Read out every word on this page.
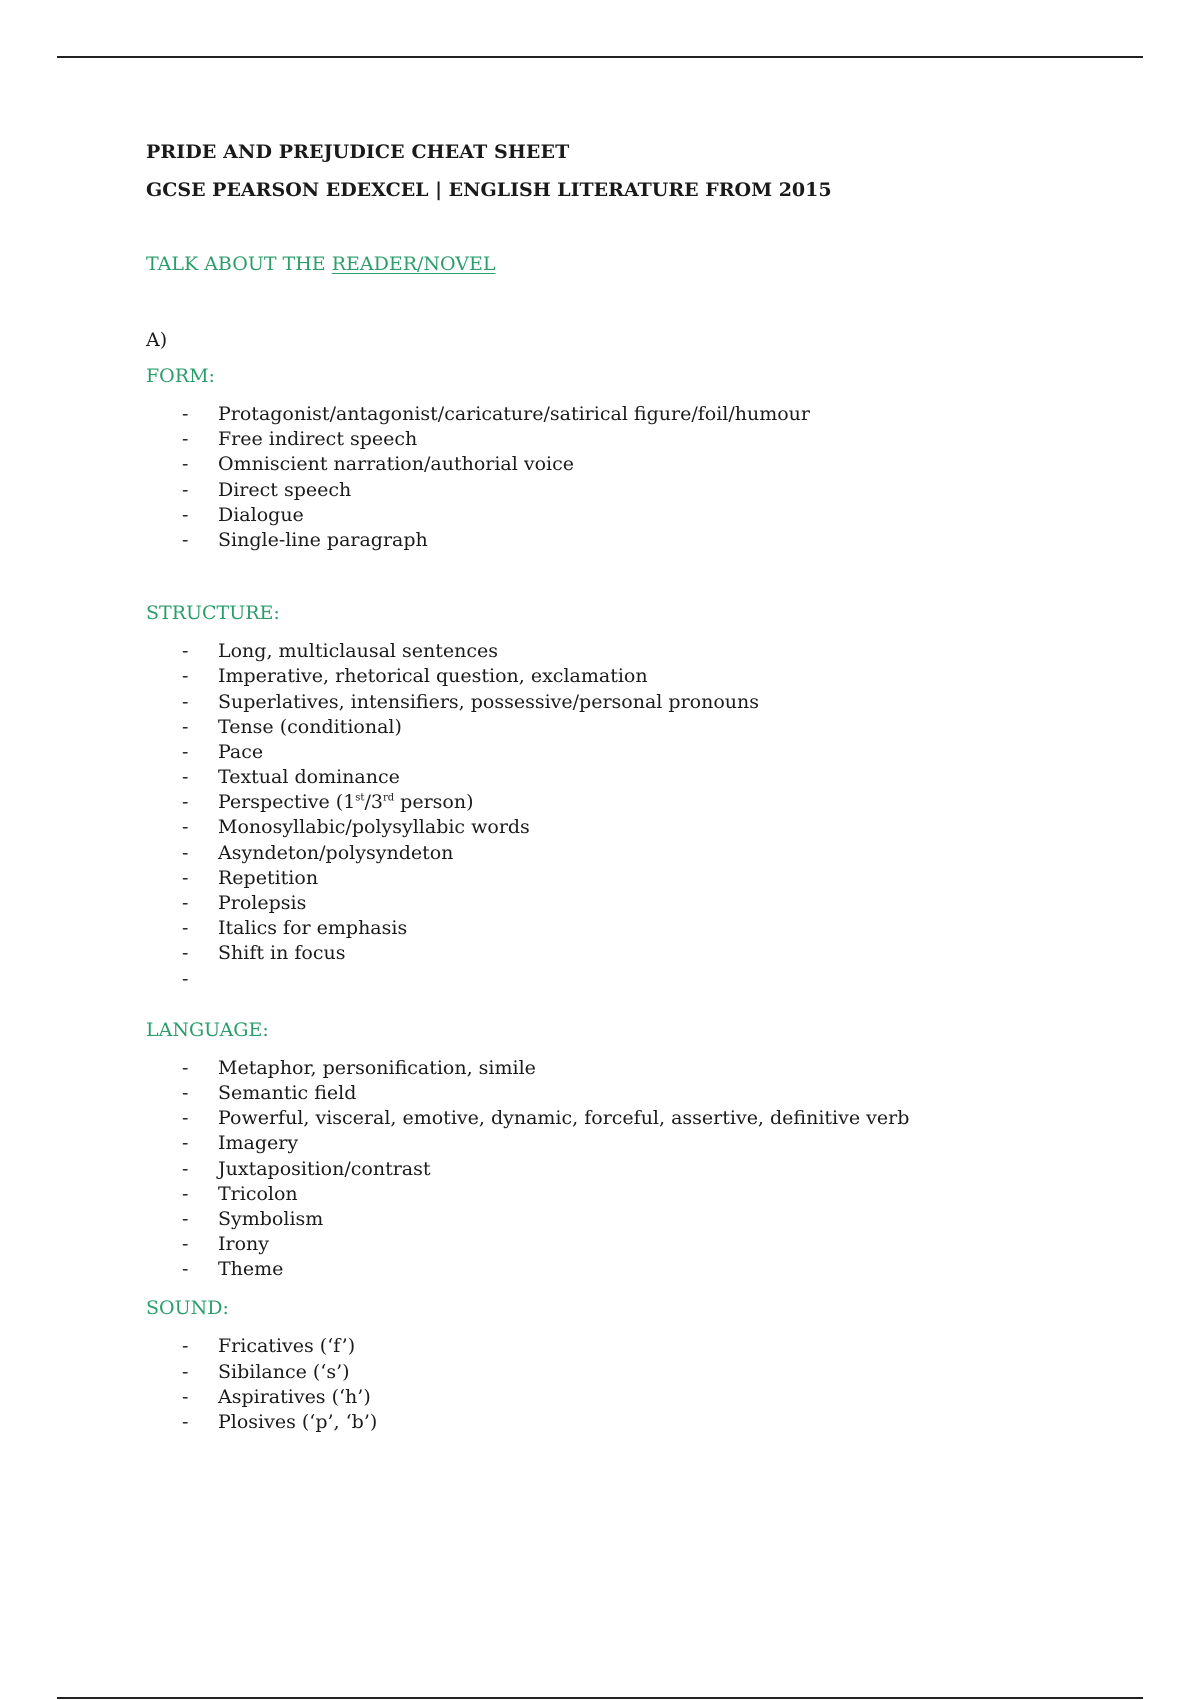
PRIDE AND PREJUDICE CHEAT SHEET

GCSE PEARSON EDEXCEL | ENGLISH LITERATURE FROM 2015

TALK ABOUT THE READER/NOVEL

A)

FORM:

- Protagonist/antagonist/caricature/satirical figure/foil/humour
- Free indirect speech
- Omniscient narration/authorial voice
- Direct speech
- Dialogue
- Single-line paragraph

STRUCTURE:

- Long, multiclausal sentences
- Imperative, rhetorical question, exclamation
- Superlatives, intensifiers, possessive/personal pronouns
- Tense (conditional)
- Pace
- Textual dominance
- Perspective (1st/3rd person)
- Monosyllabic/polysyllabic words
- Asyndeton/polysyndeton
- Repetition
- Prolepsis
- Italics for emphasis
- Shift in focus
-

LANGUAGE:

- Metaphor, personification, simile
- Semantic field
- Powerful, visceral, emotive, dynamic, forceful, assertive, definitive verb
- Imagery
- Juxtaposition/contrast
- Tricolon
- Symbolism
- Irony
- Theme

SOUND:

- Fricatives (‘f’)
- Sibilance (‘s’)
- Aspiratives (‘h’)
- Plosives (‘p’, ‘b’)
